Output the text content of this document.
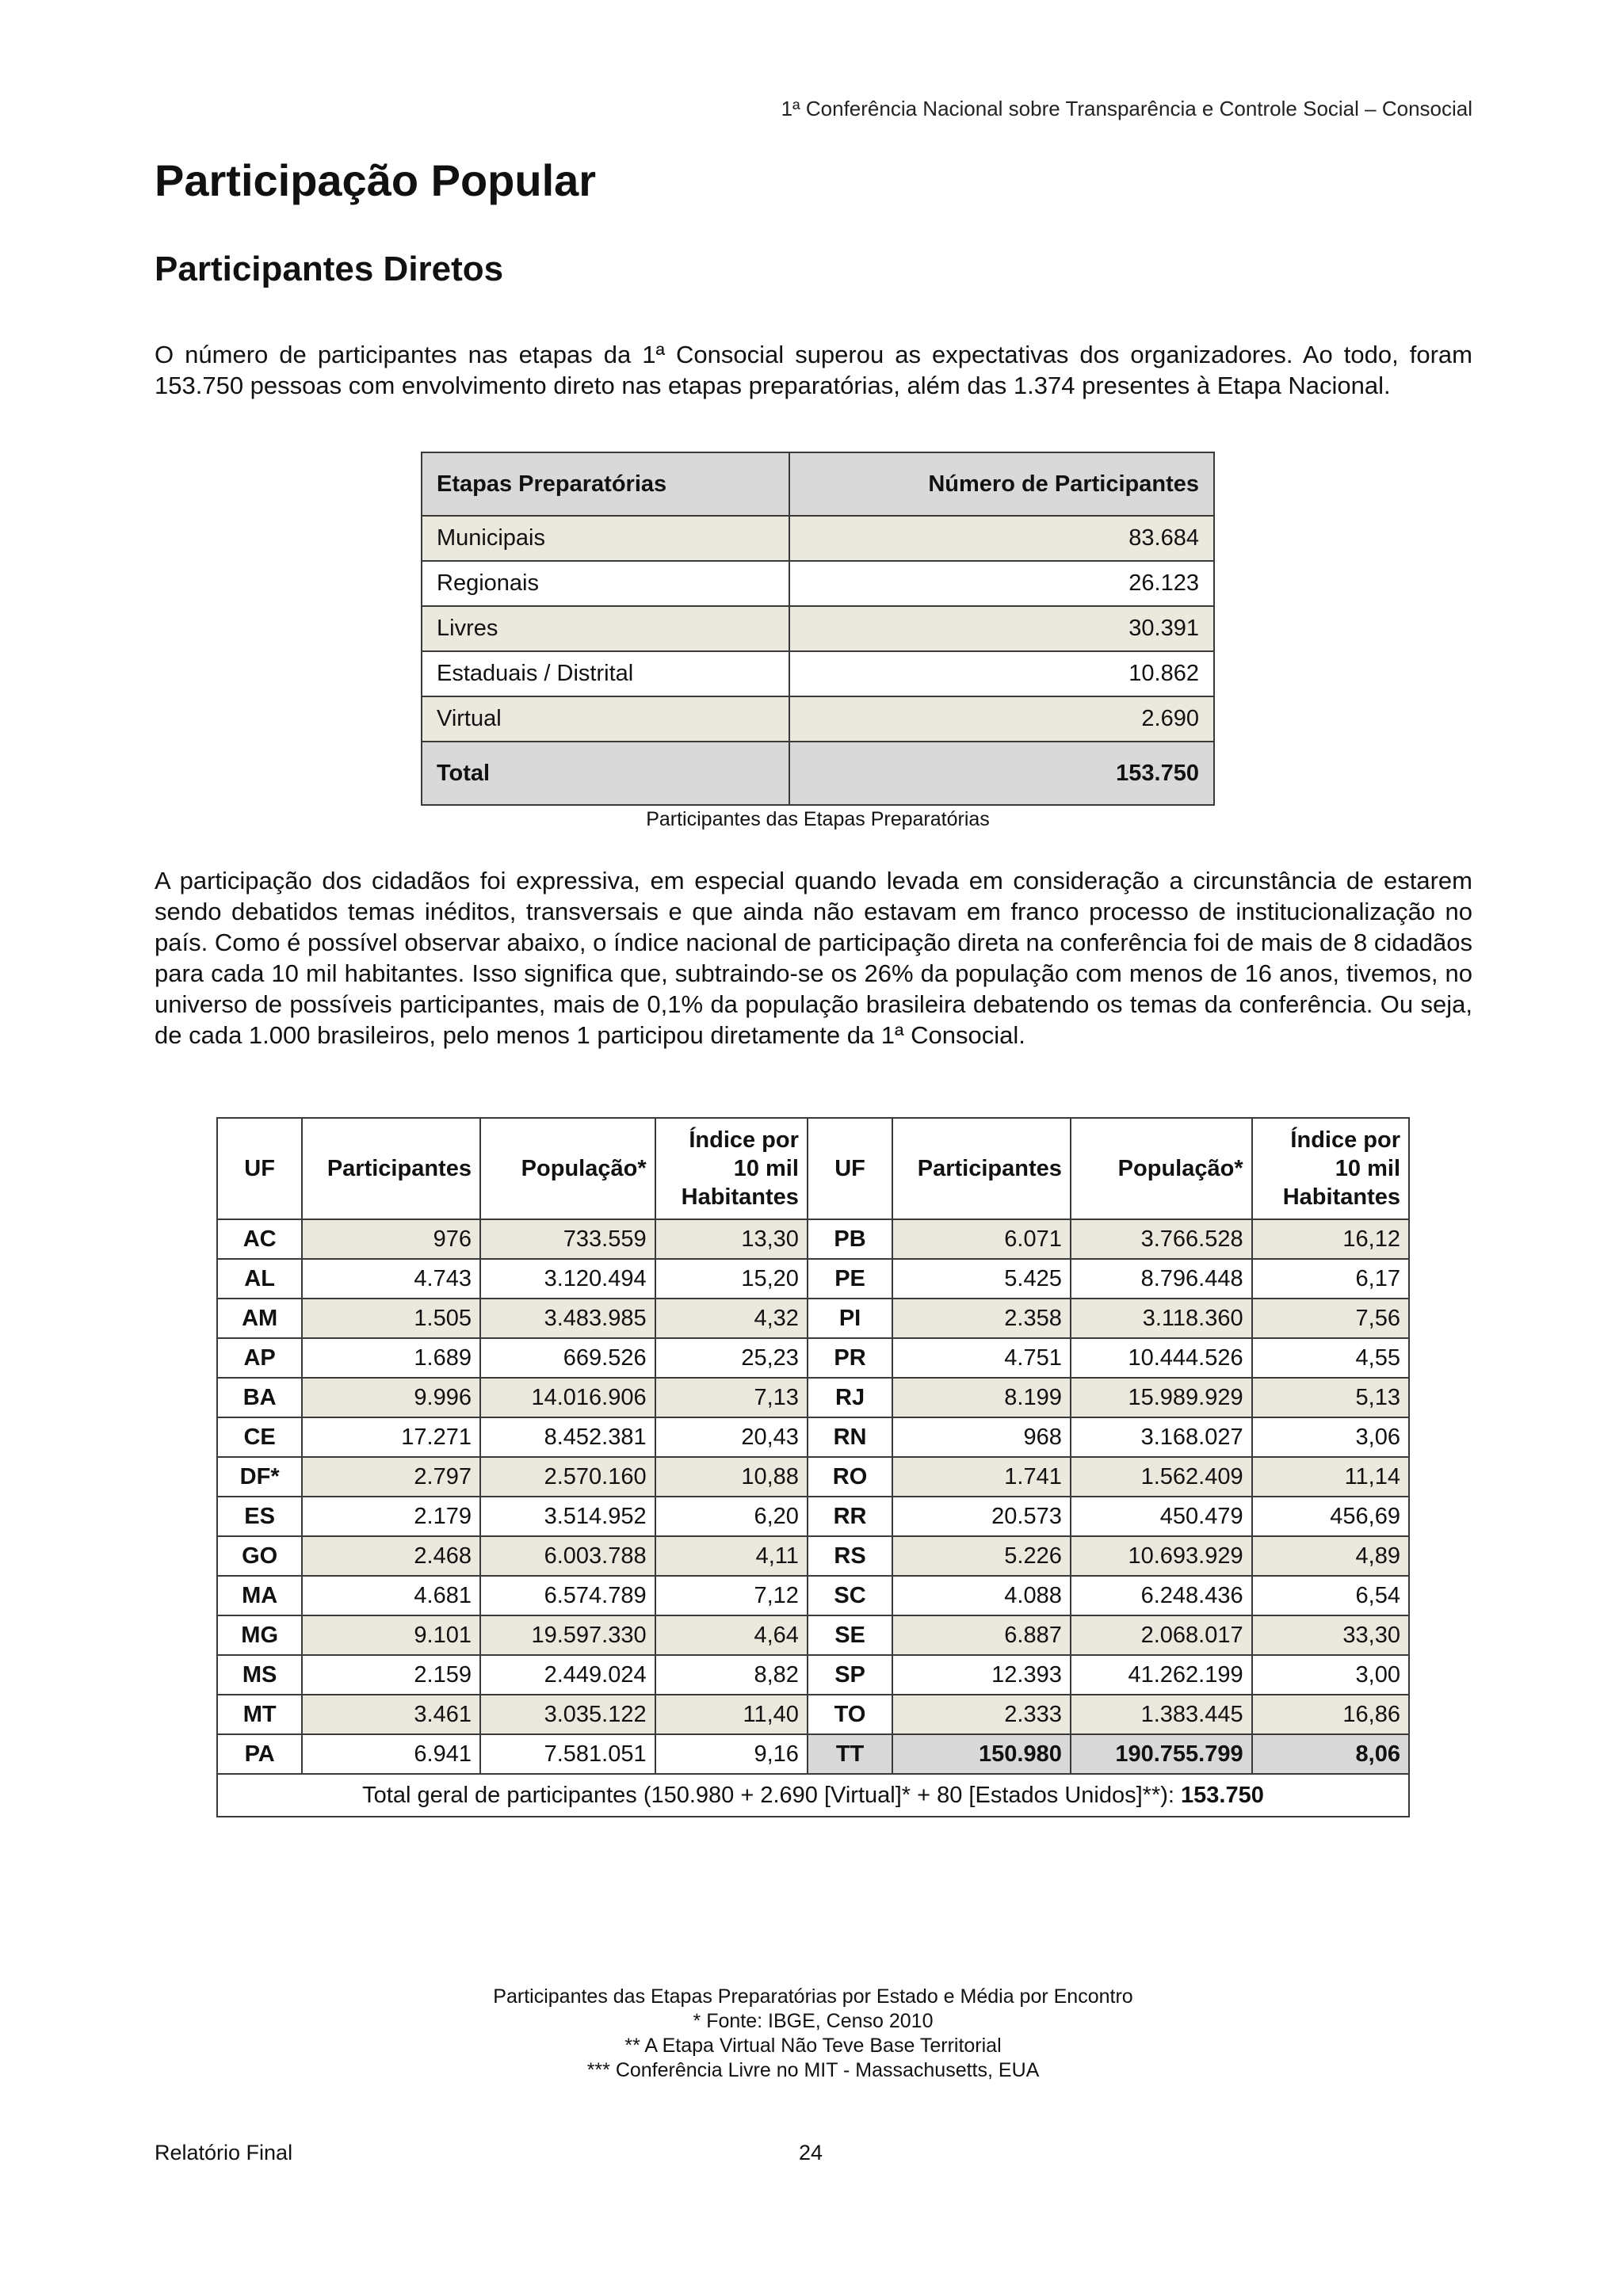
1ª Conferência Nacional sobre Transparência e Controle Social – Consocial
Participação Popular
Participantes Diretos

O número de participantes nas etapas da 1ª Consocial superou as expectativas dos organizadores. Ao todo, foram 153.750 pessoas com envolvimento direto nas etapas preparatórias, além das 1.374 presentes à Etapa Nacional.

Etapas Preparatórias	Número de Participantes
Municipais	83.684
Regionais	26.123
Livres	30.391
Estaduais / Distrital	10.862
Virtual	2.690
Total	153.750
Participantes das Etapas Preparatórias

A participação dos cidadãos foi expressiva, em especial quando levada em consideração a circunstância de estarem sendo debatidos temas inéditos, transversais e que ainda não estavam em franco processo de institucionalização no país. Como é possível observar abaixo, o índice nacional de participação direta na conferência foi de mais de 8 cidadãos para cada 10 mil habitantes. Isso significa que, subtraindo-se os 26% da população com menos de 16 anos, tivemos, no universo de possíveis participantes, mais de 0,1% da população brasileira debatendo os temas da conferência. Ou seja, de cada 1.000 brasileiros, pelo menos 1 participou diretamente da 1ª Consocial.

UF	Participantes	População*	Índice por
10 mil
Habitantes	UF	Participantes	População*	Índice por
10 mil
Habitantes
AC	976	733.559	13,30	PB	6.071	3.766.528	16,12
AL	4.743	3.120.494	15,20	PE	5.425	8.796.448	6,17
AM	1.505	3.483.985	4,32	PI	2.358	3.118.360	7,56
AP	1.689	669.526	25,23	PR	4.751	10.444.526	4,55
BA	9.996	14.016.906	7,13	RJ	8.199	15.989.929	5,13
CE	17.271	8.452.381	20,43	RN	968	3.168.027	3,06
DF*	2.797	2.570.160	10,88	RO	1.741	1.562.409	11,14
ES	2.179	3.514.952	6,20	RR	20.573	450.479	456,69
GO	2.468	6.003.788	4,11	RS	5.226	10.693.929	4,89
MA	4.681	6.574.789	7,12	SC	4.088	6.248.436	6,54
MG	9.101	19.597.330	4,64	SE	6.887	2.068.017	33,30
MS	2.159	2.449.024	8,82	SP	12.393	41.262.199	3,00
MT	3.461	3.035.122	11,40	TO	2.333	1.383.445	16,86
PA	6.941	7.581.051	9,16	TT	150.980	190.755.799	8,06
Total geral de participantes (150.980 + 2.690 [Virtual]* + 80 [Estados Unidos]**): 153.750							
Participantes das Etapas Preparatórias por Estado e Média por Encontro
* Fonte: IBGE, Censo 2010
** A Etapa Virtual Não Teve Base Territorial
*** Conferência Livre no MIT - Massachusetts, EUA
Relatório Final	24
